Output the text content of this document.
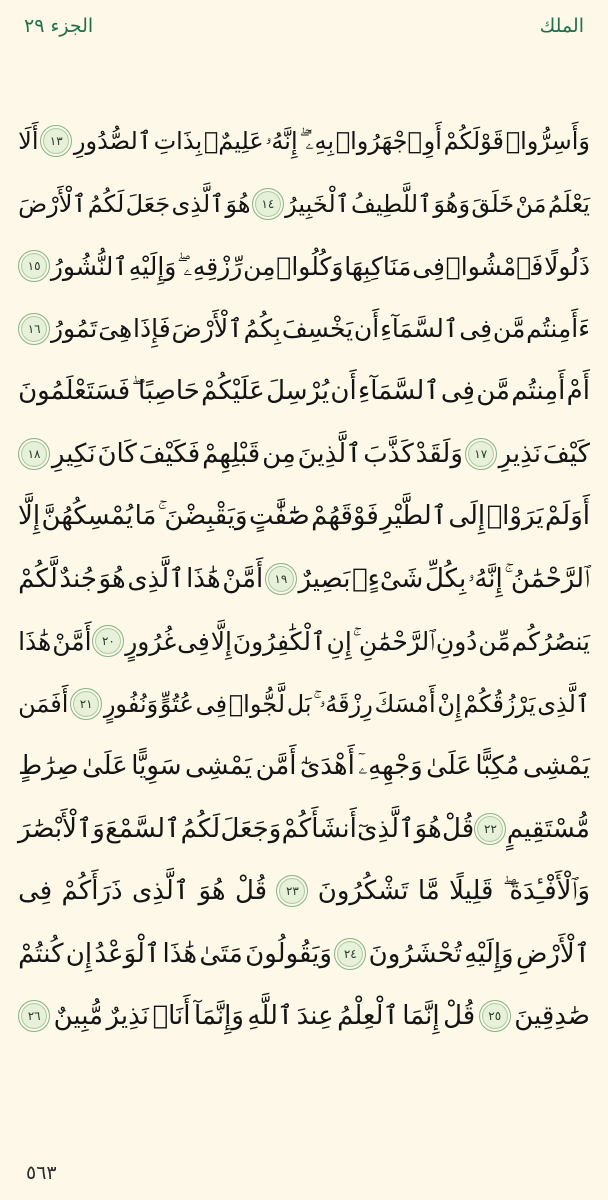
الجزء ٢٩	الملك
وَأَسِرُّوا۟
قَوْلَكُمْ
أَوِ
ٱجْهَرُوا۟
بِهِۦٓ ۖ
إِنَّهُۥ
عَلِيمٌۢ
بِذَاتِ
ٱلصُّدُورِ
١٣
أَلَا
يَعْلَمُ
مَنْ
خَلَقَ
وَهُوَ
ٱللَّطِيفُ
ٱلْخَبِيرُ
١٤
هُوَ
ٱلَّذِى
جَعَلَ
لَكُمُ
ٱلْأَرْضَ
ذَلُولًا
فَٱمْشُوا۟
فِى
مَنَاكِبِهَا
وَكُلُوا۟
مِن
رِّزْقِهِۦ ۖ
وَإِلَيْهِ
ٱلنُّشُورُ
١٥
ءَأَمِنتُم
مَّن
فِى
ٱلسَّمَآءِ
أَن
يَخْسِفَ
بِكُمُ
ٱلْأَرْضَ
فَإِذَا
هِىَ
تَمُورُ
١٦
أَمْ
أَمِنتُم
مَّن
فِى
ٱلسَّمَآءِ
أَن
يُرْسِلَ
عَلَيْكُمْ
حَاصِبًا ۖ
فَسَتَعْلَمُونَ
كَيْفَ
نَذِيرِ
١٧
وَلَقَدْ
كَذَّبَ
ٱلَّذِينَ
مِن
قَبْلِهِمْ
فَكَيْفَ
كَانَ
نَكِيرِ
١٨
أَوَلَمْ
يَرَوْا۟
إِلَى
ٱلطَّيْرِ
فَوْقَهُمْ
صَٰٓفَّٰتٍ
وَيَقْبِضْنَ ۚ
مَا
يُمْسِكُهُنَّ
إِلَّا
ٱلرَّحْمَٰنُ ۚ
إِنَّهُۥ
بِكُلِّ
شَىْءٍۭ
بَصِيرٌ
١٩
أَمَّنْ
هَٰذَا
ٱلَّذِى
هُوَ
جُندٌ
لَّكُمْ
يَنصُرُكُم
مِّن
دُونِ
ٱلرَّحْمَٰنِ ۚ
إِنِ
ٱلْكَٰفِرُونَ
إِلَّا
فِى
غُرُورٍ
٢٠
أَمَّنْ
هَٰذَا
ٱلَّذِى
يَرْزُقُكُمْ
إِنْ
أَمْسَكَ
رِزْقَهُۥ ۚ
بَل
لَّجُّوا۟
فِى
عُتُوٍّ
وَنُفُورٍ
٢١
أَفَمَن
يَمْشِى
مُكِبًّا
عَلَىٰ
وَجْهِهِۦٓ
أَهْدَىٰٓ
أَمَّن
يَمْشِى
سَوِيًّا
عَلَىٰ
صِرَٰطٍ
مُّسْتَقِيمٍ
٢٢
قُلْ
هُوَ
ٱلَّذِىٓ
أَنشَأَكُمْ
وَجَعَلَ
لَكُمُ
ٱلسَّمْعَ
وَٱلْأَبْصَٰرَ
وَٱلْأَفْـِٔدَةَ ۖ
قَلِيلًا
مَّا
تَشْكُرُونَ
٢٣
قُلْ
هُوَ
ٱلَّذِى
ذَرَأَكُمْ
فِى
ٱلْأَرْضِ
وَإِلَيْهِ
تُحْشَرُونَ
٢٤
وَيَقُولُونَ
مَتَىٰ
هَٰذَا
ٱلْوَعْدُ
إِن
كُنتُمْ
صَٰدِقِينَ
٢٥
قُلْ
إِنَّمَا
ٱلْعِلْمُ
عِندَ
ٱللَّهِ
وَإِنَّمَآ
أَنَا۠
نَذِيرٌ
مُّبِينٌ
٢٦
٥٦٣
